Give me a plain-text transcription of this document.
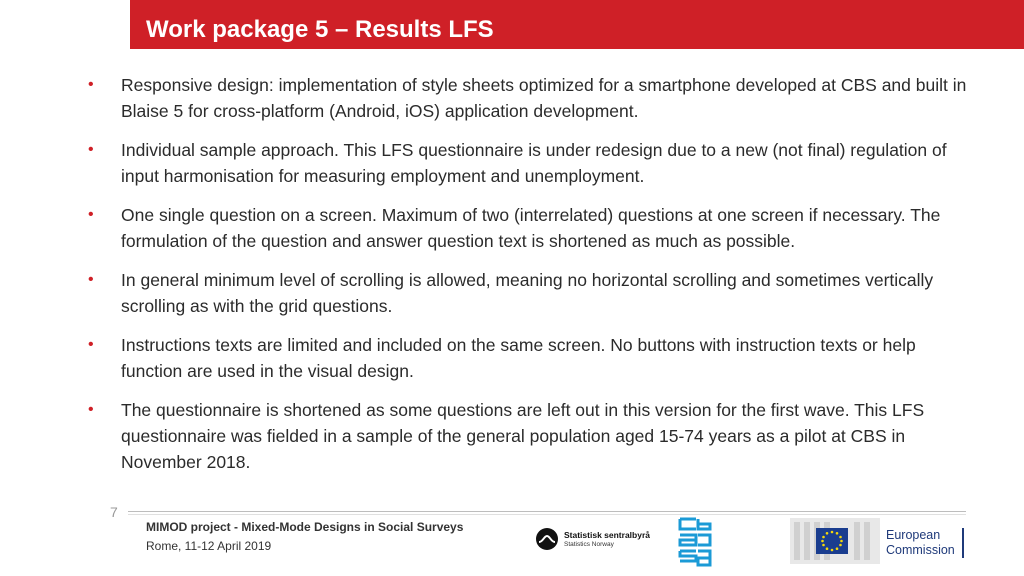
Work package 5 – Results LFS
• Responsive design: implementation of style sheets optimized for a smartphone developed at CBS and built in Blaise 5 for cross-platform (Android, iOS) application development.
• Individual sample approach. This LFS questionnaire is under redesign due to a new (not final) regulation of input harmonisation for measuring employment and unemployment.
• One single question on a screen. Maximum of two (interrelated) questions at one screen if necessary. The formulation of the question and answer question text is shortened as much as possible.
• In general minimum level of scrolling is allowed, meaning no horizontal scrolling and sometimes vertically scrolling as with the grid questions.
• Instructions texts are limited and included on the same screen. No buttons with instruction texts or help function are used in the visual design.
• The questionnaire is shortened as some questions are left out in this version for the first wave. This LFS questionnaire was fielded in a sample of the general population aged 15-74 years as a pilot at CBS in November 2018.
7
MIMOD project - Mixed-Mode Designs in Social Surveys
Rome, 11-12 April 2019
Statistisk sentralbyrå
Statistics Norway
European
Commission
